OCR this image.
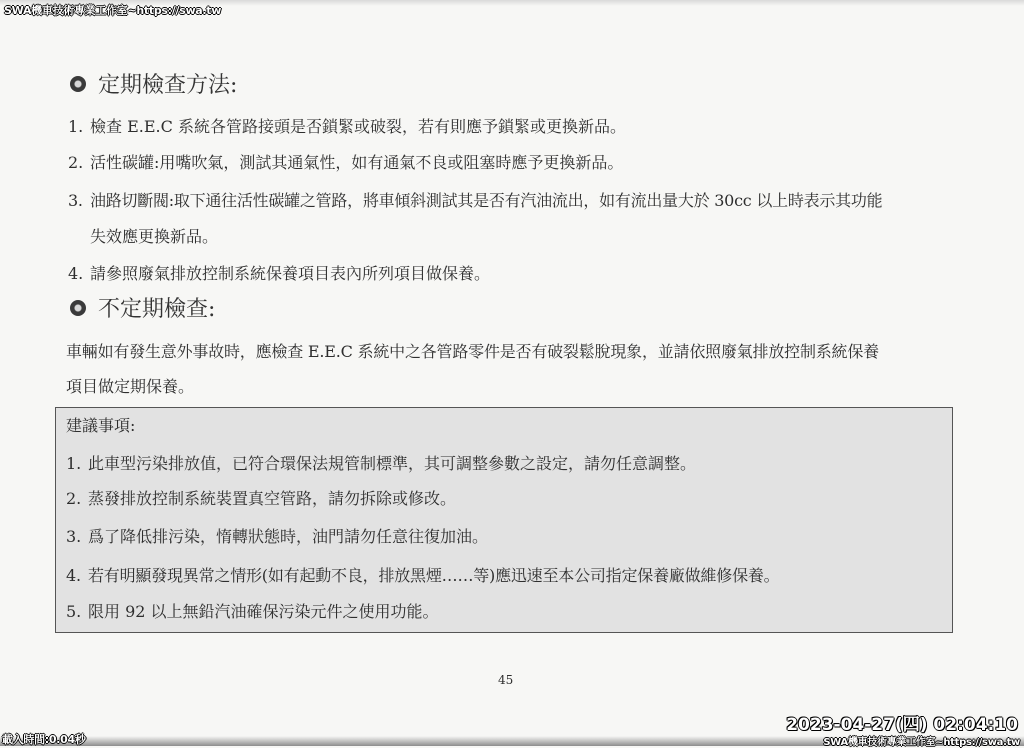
SWA機車技術專業工作室~https://swa.tw
定期檢查方法:
1. 檢查 E.E.C 系統各管路接頭是否鎖緊或破裂，若有則應予鎖緊或更換新品。
2. 活性碳罐:用嘴吹氣，測試其通氣性，如有通氣不良或阻塞時應予更換新品。
3. 油路切斷閥:取下通往活性碳罐之管路，將車傾斜測試其是否有汽油流出，如有流出量大於 30cc 以上時表示其功能
失效應更換新品。
4. 請參照廢氣排放控制系統保養項目表內所列項目做保養。
不定期檢查:
車輛如有發生意外事故時，應檢查 E.E.C 系統中之各管路零件是否有破裂鬆脫現象，並請依照廢氣排放控制系統保養
項目做定期保養。
建議事項:
1. 此車型污染排放值，已符合環保法規管制標準，其可調整參數之設定，請勿任意調整。
2. 蒸發排放控制系統裝置真空管路，請勿拆除或修改。
3. 爲了降低排污染，惰轉狀態時，油門請勿任意往復加油。
4. 若有明顯發現異常之情形(如有起動不良，排放黑煙……等)應迅速至本公司指定保養廠做維修保養。
5. 限用 92 以上無鉛汽油確保污染元件之使用功能。
45
2023-04-27(四) 02:04:10
載入時間:0.04秒	SWA機車技術專業工作室~https://swa.tw
